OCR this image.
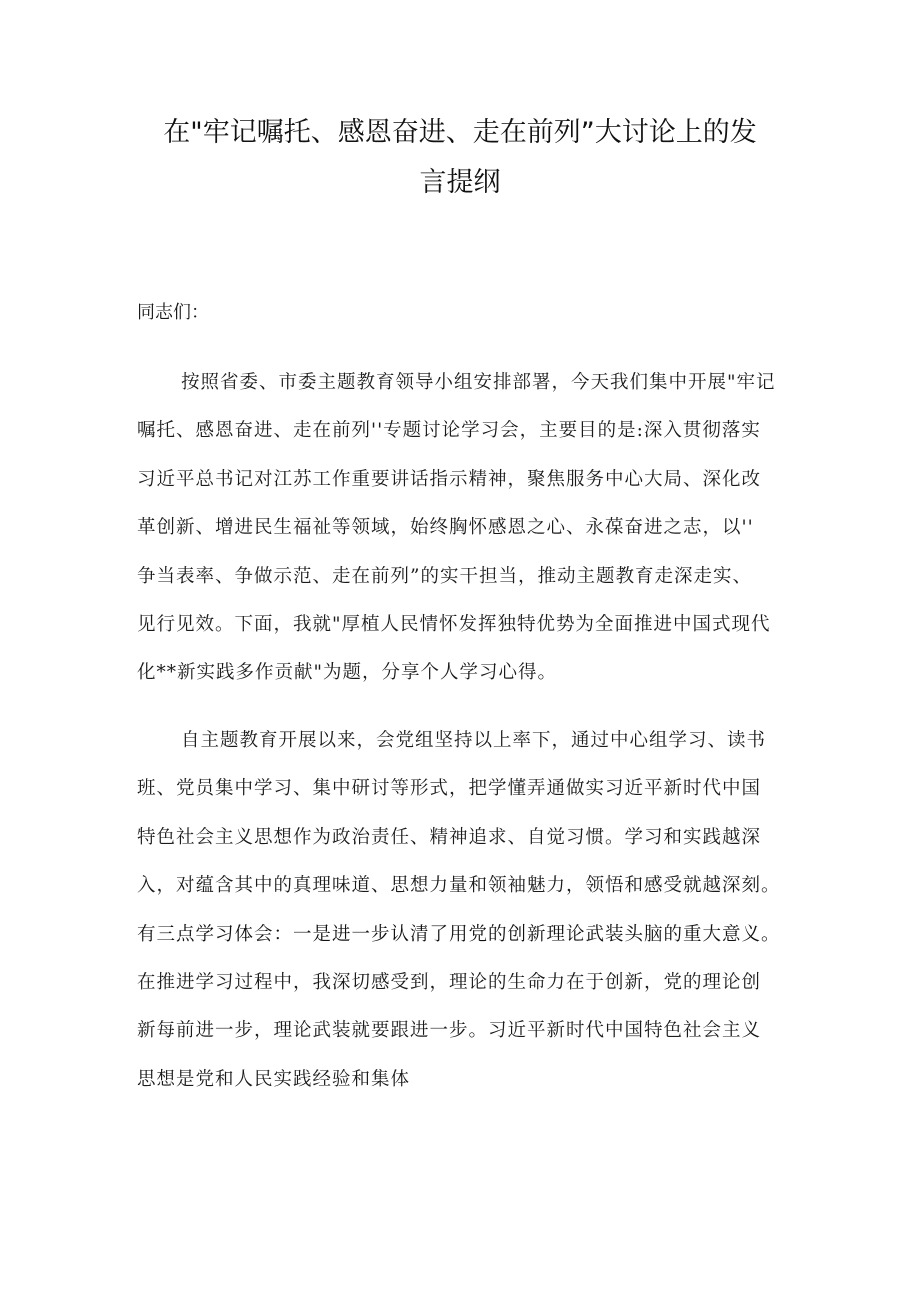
在"牢记嘱托、感恩奋进、走在前列”大讨论上的发
言提纲

同志们：

按照省委、市委主题教育领导小组安排部署，今天我们集中开展"牢记
嘱托、感恩奋进、走在前列''专题讨论学习会，主要目的是:深入贯彻落实
习近平总书记对江苏工作重要讲话指示精神，聚焦服务中心大局、深化改
革创新、增进民生福祉等领域，始终胸怀感恩之心、永葆奋进之志，以''
争当表率、争做示范、走在前列”的实干担当，推动主题教育走深走实、
见行见效。下面，我就"厚植人民情怀发挥独特优势为全面推进中国式现代
化**新实践多作贡献"为题，分享个人学习心得。
自主题教育开展以来，会党组坚持以上率下，通过中心组学习、读书
班、党员集中学习、集中研讨等形式，把学懂弄通做实习近平新时代中国
特色社会主义思想作为政治责任、精神追求、自觉习惯。学习和实践越深
入，对蕴含其中的真理味道、思想力量和领袖魅力，领悟和感受就越深刻。
有三点学习体会：一是进一步认清了用党的创新理论武装头脑的重大意义。
在推进学习过程中，我深切感受到，理论的生命力在于创新，党的理论创
新每前进一步，理论武装就要跟进一步。习近平新时代中国特色社会主义
思想是党和人民实践经验和集体
